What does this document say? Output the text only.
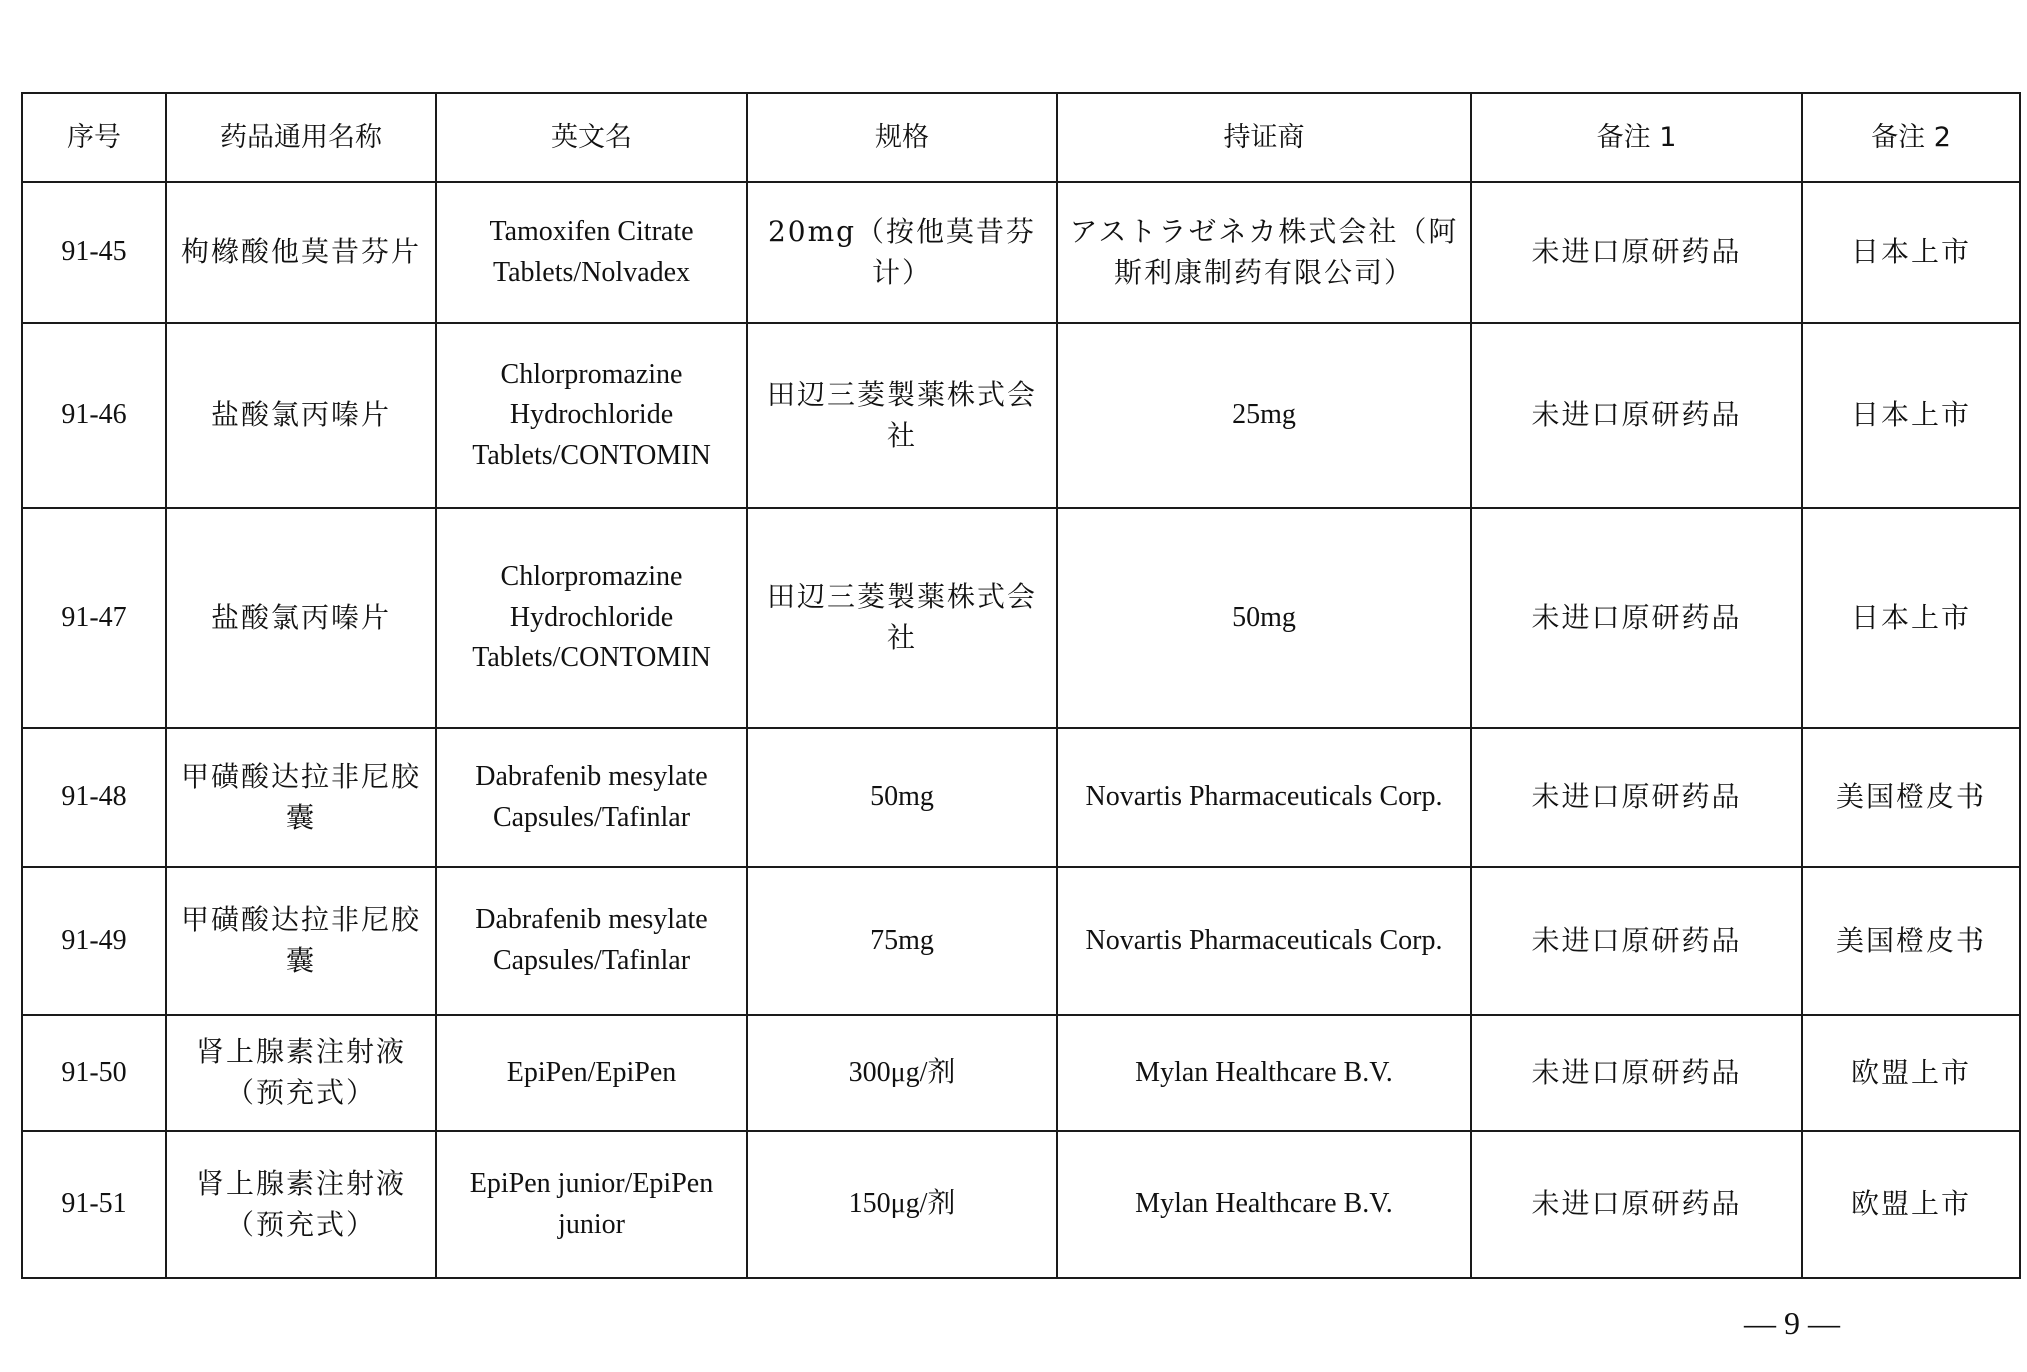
序号	药品通用名称	英文名	规格	持证商	备注 1	备注 2
91-45	枸橼酸他莫昔芬片	Tamoxifen Citrate Tablets/Nolvadex	20mg（按他莫昔芬计）	アストラゼネカ株式会社（阿斯利康制药有限公司）	未进口原研药品	日本上市
91-46	盐酸氯丙嗪片	Chlorpromazine Hydrochloride Tablets/CONTOMIN	田辺三菱製薬株式会社	25mg	未进口原研药品	日本上市
91-47	盐酸氯丙嗪片	Chlorpromazine Hydrochloride Tablets/CONTOMIN	田辺三菱製薬株式会社	50mg	未进口原研药品	日本上市
91-48	甲磺酸达拉非尼胶囊	Dabrafenib mesylate Capsules/Tafinlar	50mg	Novartis Pharmaceuticals Corp.	未进口原研药品	美国橙皮书
91-49	甲磺酸达拉非尼胶囊	Dabrafenib mesylate Capsules/Tafinlar	75mg	Novartis Pharmaceuticals Corp.	未进口原研药品	美国橙皮书
91-50	肾上腺素注射液（预充式）	EpiPen/EpiPen	300μg/剂	Mylan Healthcare B.V.	未进口原研药品	欧盟上市
91-51	肾上腺素注射液（预充式）	EpiPen junior/EpiPen junior	150μg/剂	Mylan Healthcare B.V.	未进口原研药品	欧盟上市
— 9 —
